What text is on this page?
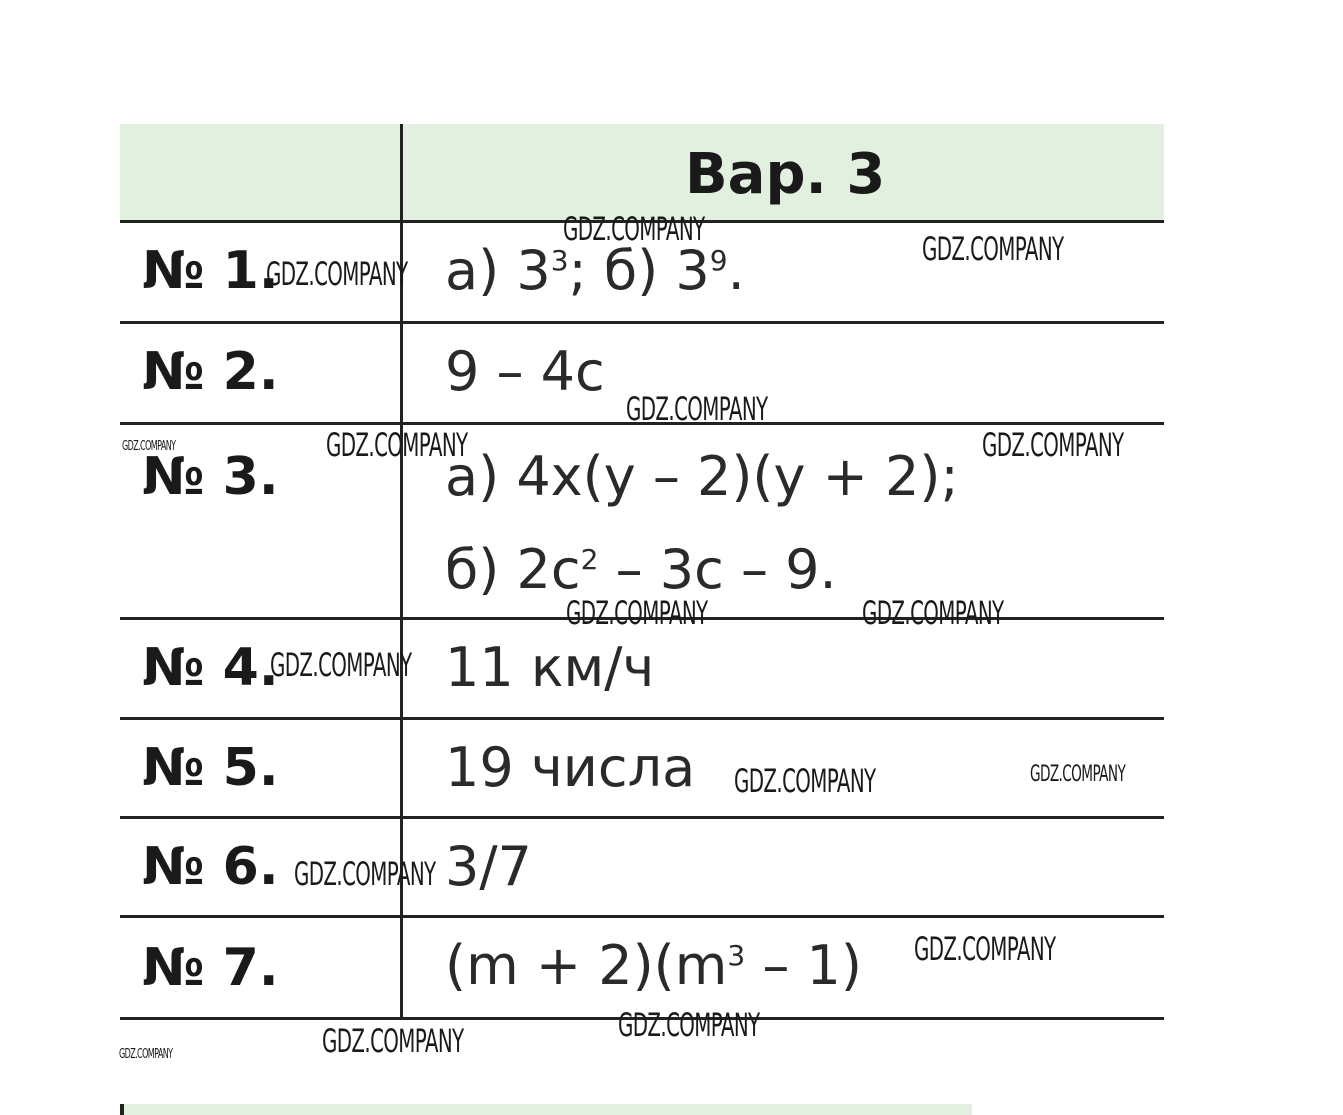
Вар. 3
№ 1.	а) $3^3$; б) $3^9$.
№ 2.	9 – 4с
№ 3.	а) 4х(у – 2)(у + 2);
б) $2с^2 - 3с - 9$.
№ 4.	11 км/ч
№ 5.	19 числа
№ 6.	3/7
№ 7.	$(m + 2)(m^3 - 1)$
GDZ.COMPANY
GDZ.COMPANY
GDZ.COMPANY
GDZ.COMPANY
GDZ.COMPANY	GDZ.COMPANY
GDZ.COMPANY
GDZ.COMPANY	GDZ.COMPANY
GDZ.COMPANY
GDZ.COMPANY	GDZ.COMPANY
GDZ.COMPANY
GDZ.COMPANY
GDZ.COMPANY
GDZ.COMPANY
GDZ.COMPANY
